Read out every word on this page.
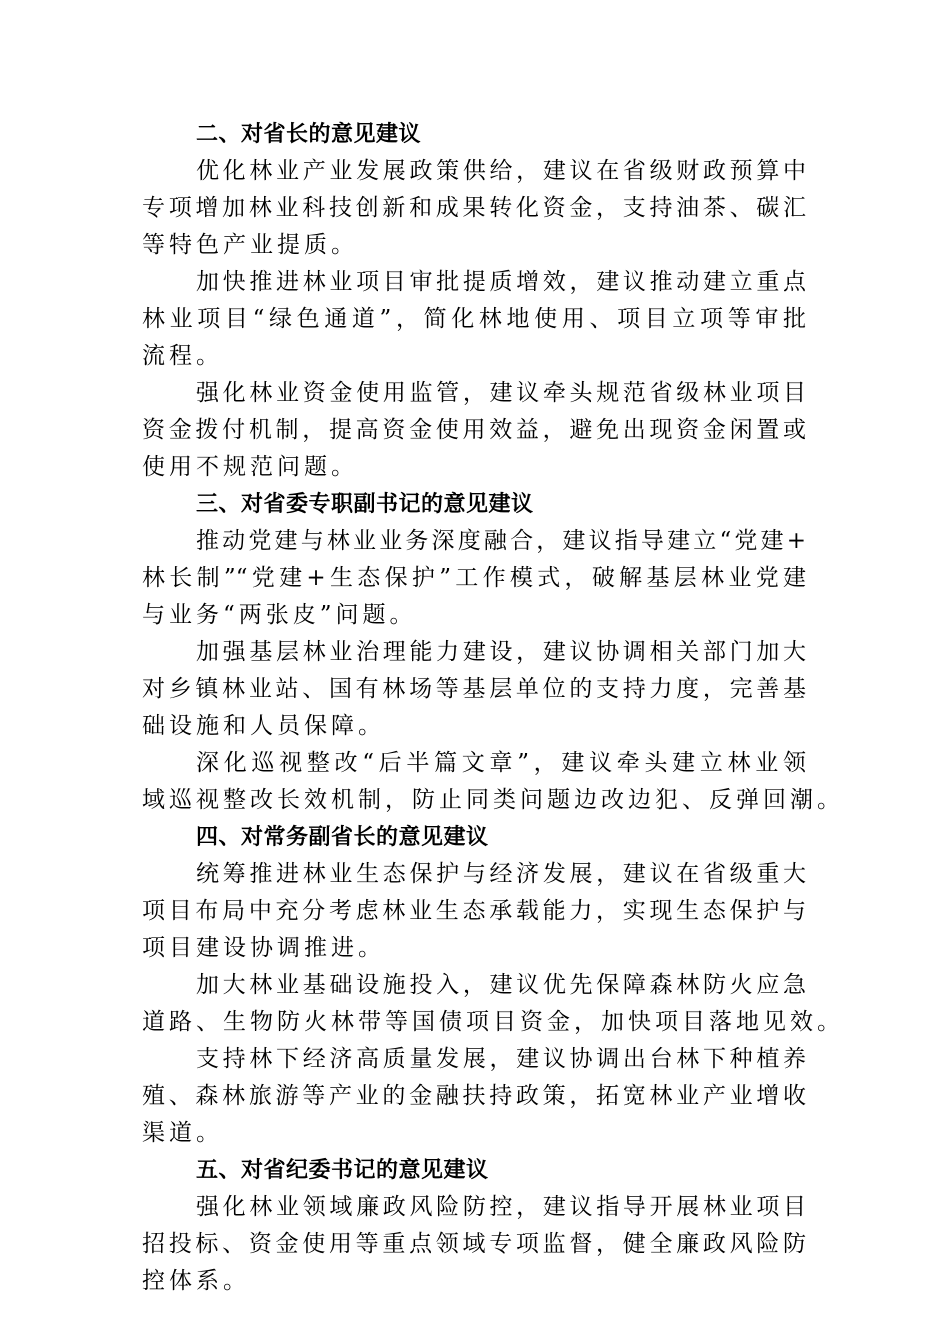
二、对省长的意见建议
优化林业产业发展政策供给，建议在省级财政预算中
专项增加林业科技创新和成果转化资金，支持油茶、碳汇
等特色产业提质。
加快推进林业项目审批提质增效，建议推动建立重点
林业项目“绿色通道”，简化林地使用、项目立项等审批
流程。
强化林业资金使用监管，建议牵头规范省级林业项目
资金拨付机制，提高资金使用效益，避免出现资金闲置或
使用不规范问题。
三、对省委专职副书记的意见建议
推动党建与林业业务深度融合，建议指导建立“党建+
林长制”“党建+生态保护”工作模式，破解基层林业党建
与业务“两张皮”问题。
加强基层林业治理能力建设，建议协调相关部门加大
对乡镇林业站、国有林场等基层单位的支持力度，完善基
础设施和人员保障。
深化巡视整改“后半篇文章”，建议牵头建立林业领
域巡视整改长效机制，防止同类问题边改边犯、反弹回潮。
四、对常务副省长的意见建议
统筹推进林业生态保护与经济发展，建议在省级重大
项目布局中充分考虑林业生态承载能力，实现生态保护与
项目建设协调推进。
加大林业基础设施投入，建议优先保障森林防火应急
道路、生物防火林带等国债项目资金，加快项目落地见效。
支持林下经济高质量发展，建议协调出台林下种植养
殖、森林旅游等产业的金融扶持政策，拓宽林业产业增收
渠道。
五、对省纪委书记的意见建议
强化林业领域廉政风险防控，建议指导开展林业项目
招投标、资金使用等重点领域专项监督，健全廉政风险防
控体系。
